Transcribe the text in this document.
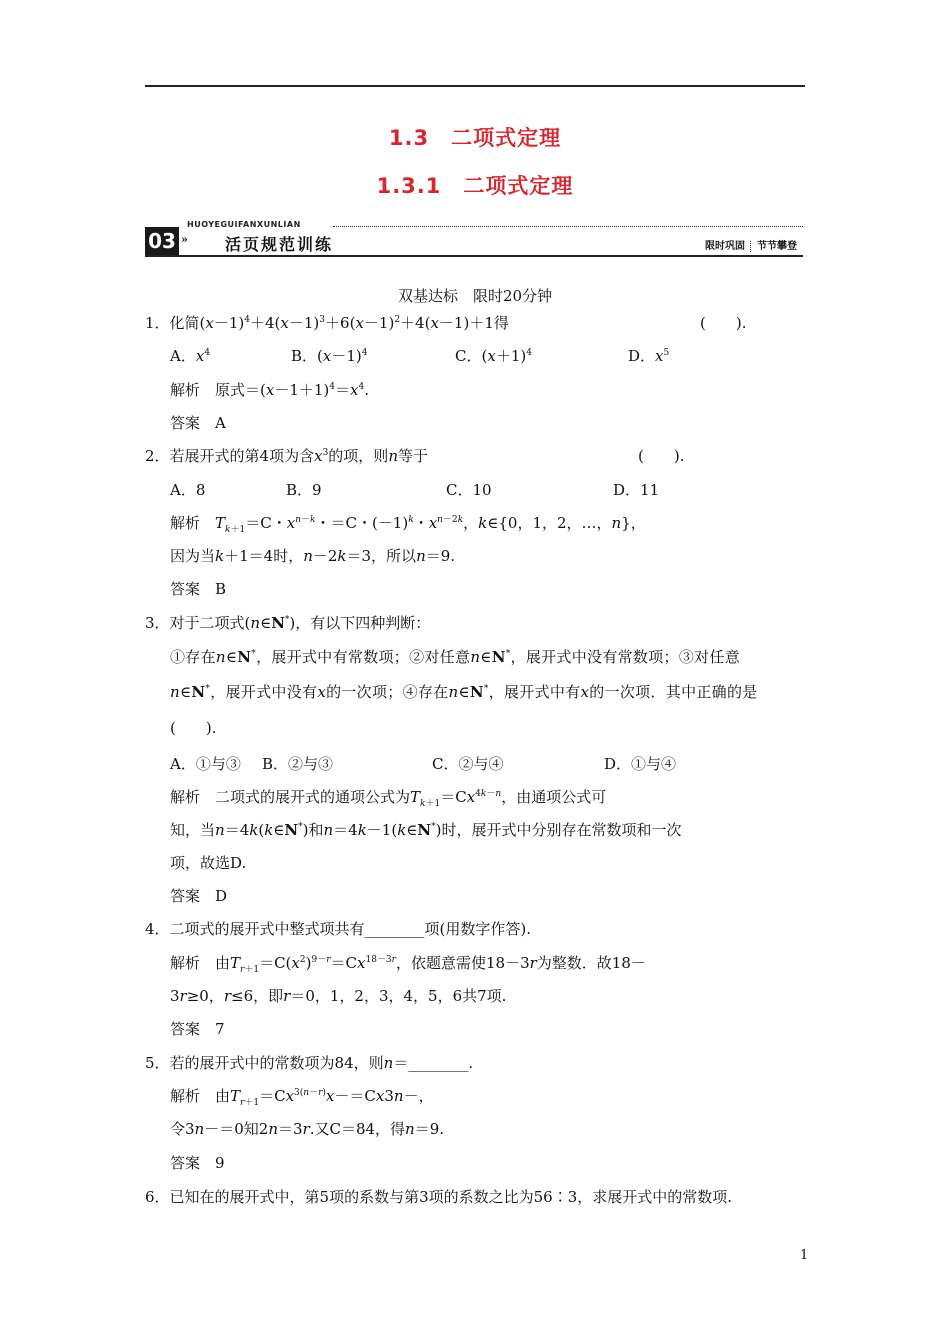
1.3　二项式定理
1.3.1　二项式定理
HUOYEGUIFANXUNLIAN
03 » 活页规范训练	限时巩固 节节攀登
双基达标　限时20分钟
1．化简$(x-1)^4+4(x-1)^3+6(x-1)^2+4(x-1)+1$得	(　　).
A．$x^4$	B．$(x-1)^4$	C．$(x+1)^4$	D．$x^5$
解析　原式$=(x-1+1)^4=x^4$.
答案　A
2．若展开式的第4项为含$x^3$的项，则n等于	(　　).
A．8	B．9	C．10	D．11
解析　$T_{k+1}=C$・$x^{n-k}$・＝C・$(-1)^k$・$x^{n-2k}$，k∈{0，1，2，…，n}，
因为当k＋1＝4时，n－2k＝3，所以n＝9.
答案　B
3．对于二项式(n∈N*)，有以下四种判断：
①存在n∈N*，展开式中有常数项；②对任意n∈N*，展开式中没有常数项；③对任意
n∈N*，展开式中没有x的一次项；④存在n∈N*，展开式中有x的一次项．其中正确的是
(　　).
A．①与③ B．②与③	C．②与④	D．①与④
解析　二项式的展开式的通项公式为$T_{k+1}=Cx^{4k-n}$，由通项公式可
知，当n＝4k(k∈N*)和n＝4k－1(k∈N*)时，展开式中分别存在常数项和一次
项，故选D.
答案　D
4．二项式的展开式中整式项共有________项(用数字作答).
解析　由$T_{r+1}=C(x^2)^{9-r}=Cx^{18-3r}$，依题意需使18－3r为整数．故18－
3r≥0，r≤6，即r＝0，1，2，3，4，5，6共7项.
答案　7
5．若的展开式中的常数项为84，则n＝________.
解析　由$T_{r+1}=Cx^{3(n-r)}x-=Cx3n-$，
令3n－＝0知2n＝3r.又C＝84，得n＝9.
答案　9
6．已知在的展开式中，第5项的系数与第3项的系数之比为56∶3，求展开式中的常数项.
1
